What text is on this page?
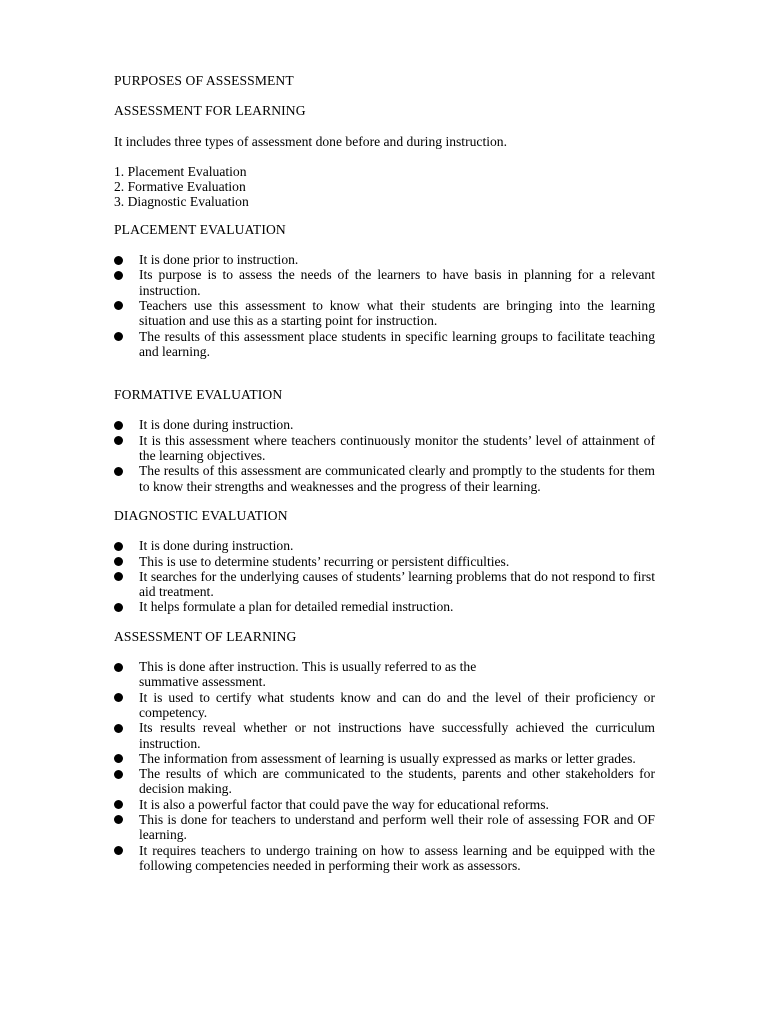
PURPOSES OF ASSESSMENT

ASSESSMENT FOR LEARNING

It includes three types of assessment done before and during instruction.

1. Placement Evaluation
2. Formative Evaluation
3. Diagnostic Evaluation

PLACEMENT EVALUATION

It is done prior to instruction.
Its purpose is to assess the needs of the learners to have basis in planning for a relevant instruction.
Teachers use this assessment to know what their students are bringing into the learning situation and use this as a starting point for instruction.
The results of this assessment place students in specific learning groups to facilitate teaching and learning.

FORMATIVE EVALUATION

It is done during instruction.
It is this assessment where teachers continuously monitor the students’ level of attainment of the learning objectives.
The results of this assessment are communicated clearly and promptly to the students for them to know their strengths and weaknesses and the progress of their learning.

DIAGNOSTIC EVALUATION

It is done during instruction.
This is use to determine students’ recurring or persistent difficulties.
It searches for the underlying causes of students’ learning problems that do not respond to first aid treatment.
It helps formulate a plan for detailed remedial instruction.

ASSESSMENT OF LEARNING

This is done after instruction. This is usually referred to as the
summative assessment.
It is used to certify what students know and can do and the level of their proficiency or competency.
Its results reveal whether or not instructions have successfully achieved the curriculum instruction.
The information from assessment of learning is usually expressed as marks or letter grades.
The results of which are communicated to the students, parents and other stakeholders for decision making.
It is also a powerful factor that could pave the way for educational reforms.
This is done for teachers to understand and perform well their role of assessing FOR and OF learning.
It requires teachers to undergo training on how to assess learning and be equipped with the following competencies needed in performing their work as assessors.
